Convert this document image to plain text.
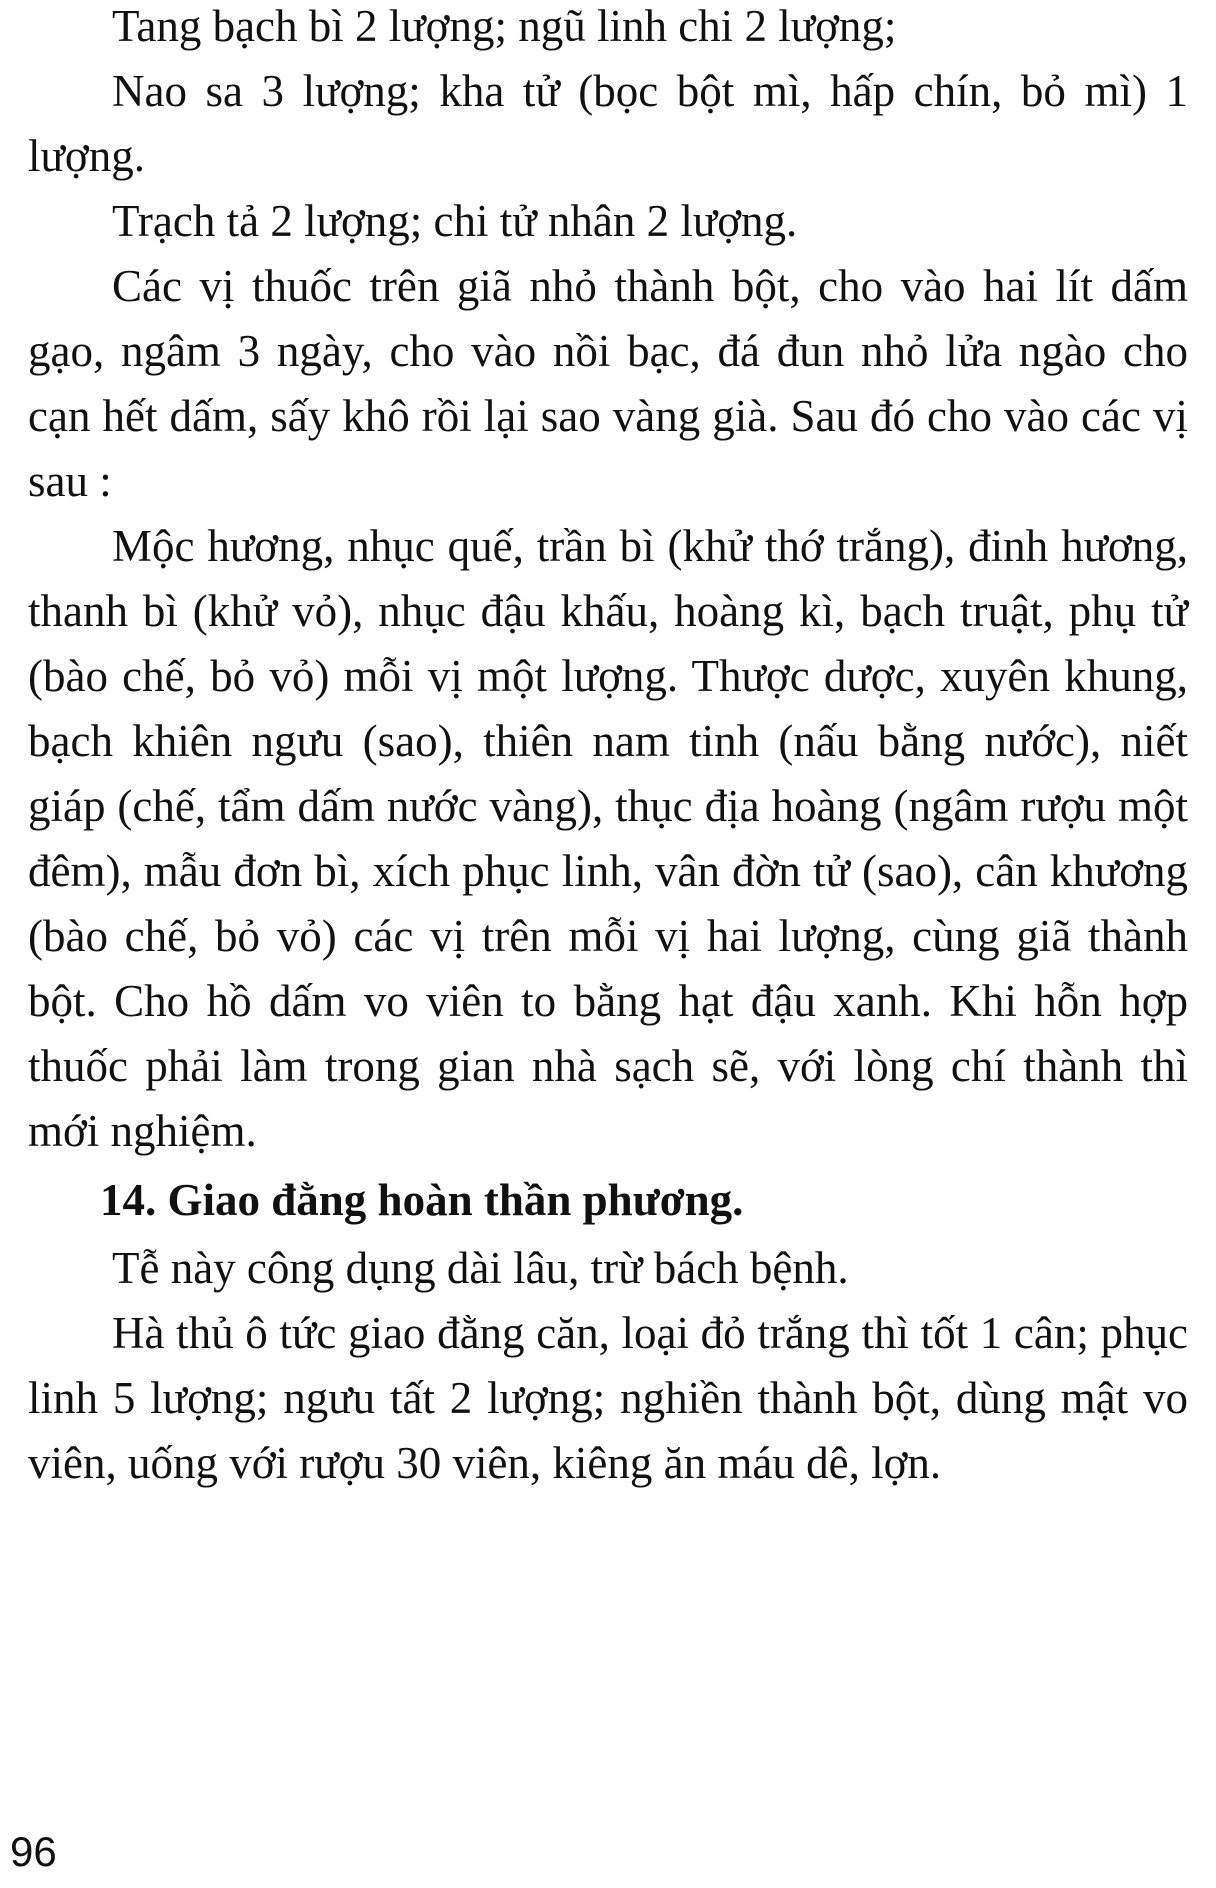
Tang bạch bì 2 lượng; ngũ linh chi 2 lượng;

Nao sa 3 lượng; kha tử (bọc bột mì, hấp chín, bỏ mì) 1 lượng.

Trạch tả 2 lượng; chi tử nhân 2 lượng.

Các vị thuốc trên giã nhỏ thành bột, cho vào hai lít dấm gạo, ngâm 3 ngày, cho vào nồi bạc, đá đun nhỏ lửa ngào cho cạn hết dấm, sấy khô rồi lại sao vàng già. Sau đó cho vào các vị sau :

Mộc hương, nhục quế, trần bì (khử thớ trắng), đinh hương, thanh bì (khử vỏ), nhục đậu khấu, hoàng kì, bạch truật, phụ tử (bào chế, bỏ vỏ) mỗi vị một lượng. Thược dược, xuyên khung, bạch khiên ngưu (sao), thiên nam tinh (nấu bằng nước), niết giáp (chế, tẩm dấm nước vàng), thục địa hoàng (ngâm rượu một đêm), mẫu đơn bì, xích phục linh, vân đờn tử (sao), cân khương (bào chế, bỏ vỏ) các vị trên mỗi vị hai lượng, cùng giã thành bột. Cho hồ dấm vo viên to bằng hạt đậu xanh. Khi hỗn hợp thuốc phải làm trong gian nhà sạch sẽ, với lòng chí thành thì mới nghiệm.

14. Giao đằng hoàn thần phương.

Tễ này công dụng dài lâu, trừ bách bệnh.

Hà thủ ô tức giao đằng căn, loại đỏ trắng thì tốt 1 cân; phục linh 5 lượng; ngưu tất 2 lượng; nghiền thành bột, dùng mật vo viên, uống với rượu 30 viên, kiêng ăn máu dê, lợn.

96
